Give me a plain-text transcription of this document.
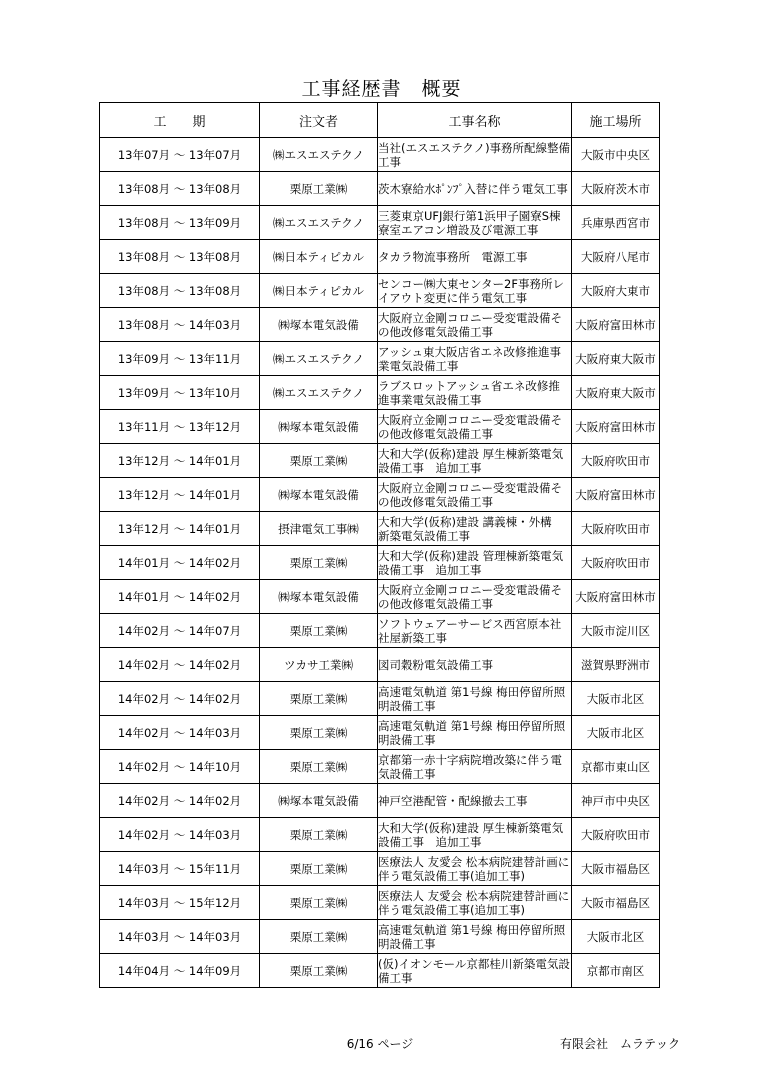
工事経歴書　概要
工　　期	注文者	工事名称	施工場所
13年07月 〜 13年07月	㈱エスエステクノ	当社(エスエステクノ)事務所配線整備工事	大阪市中央区
13年08月 〜 13年08月	栗原工業㈱	茨木寮給水ﾎﾟﾝﾌﾟ入替に伴う電気工事	大阪府茨木市
13年08月 〜 13年09月	㈱エスエステクノ	三菱東京UFJ銀行第1浜甲子園寮S棟寮室エアコン増設及び電源工事	兵庫県西宮市
13年08月 〜 13年08月	㈱日本ティピカル	タカラ物流事務所　電源工事	大阪府八尾市
13年08月 〜 13年08月	㈱日本ティピカル	センコー㈱大東センター2F事務所レイアウト変更に伴う電気工事	大阪府大東市
13年08月 〜 14年03月	㈱塚本電気設備	大阪府立金剛コロニー受変電設備その他改修電気設備工事	大阪府富田林市
13年09月 〜 13年11月	㈱エスエステクノ	アッシュ東大阪店省エネ改修推進事業電気設備工事	大阪府東大阪市
13年09月 〜 13年10月	㈱エスエステクノ	ラブスロットアッシュ省エネ改修推進事業電気設備工事	大阪府東大阪市
13年11月 〜 13年12月	㈱塚本電気設備	大阪府立金剛コロニー受変電設備その他改修電気設備工事	大阪府富田林市
13年12月 〜 14年01月	栗原工業㈱	大和大学(仮称)建設 厚生棟新築電気設備工事　追加工事	大阪府吹田市
13年12月 〜 14年01月	㈱塚本電気設備	大阪府立金剛コロニー受変電設備その他改修電気設備工事	大阪府富田林市
13年12月 〜 14年01月	摂津電気工事㈱	大和大学(仮称)建設 講義棟・外構　新築電気設備工事	大阪府吹田市
14年01月 〜 14年02月	栗原工業㈱	大和大学(仮称)建設 管理棟新築電気設備工事　追加工事	大阪府吹田市
14年01月 〜 14年02月	㈱塚本電気設備	大阪府立金剛コロニー受変電設備その他改修電気設備工事	大阪府富田林市
14年02月 〜 14年07月	栗原工業㈱	ソフトウェアーサービス西宮原本社社屋新築工事	大阪市淀川区
14年02月 〜 14年02月	ツカサ工業㈱	図司穀粉電気設備工事	滋賀県野洲市
14年02月 〜 14年02月	栗原工業㈱	高速電気軌道 第1号線 梅田停留所照明設備工事	大阪市北区
14年02月 〜 14年03月	栗原工業㈱	高速電気軌道 第1号線 梅田停留所照明設備工事	大阪市北区
14年02月 〜 14年10月	栗原工業㈱	京都第一赤十字病院増改築に伴う電気設備工事	京都市東山区
14年02月 〜 14年02月	㈱塚本電気設備	神戸空港配管・配線撤去工事	神戸市中央区
14年02月 〜 14年03月	栗原工業㈱	大和大学(仮称)建設 厚生棟新築電気設備工事　追加工事	大阪府吹田市
14年03月 〜 15年11月	栗原工業㈱	医療法人 友愛会 松本病院建替計画に伴う電気設備工事(追加工事)	大阪市福島区
14年03月 〜 15年12月	栗原工業㈱	医療法人 友愛会 松本病院建替計画に伴う電気設備工事(追加工事)	大阪市福島区
14年03月 〜 14年03月	栗原工業㈱	高速電気軌道 第1号線 梅田停留所照明設備工事	大阪市北区
14年04月 〜 14年09月	栗原工業㈱	(仮)イオンモール京都桂川新築電気設備工事	京都市南区
6/16 ページ	有限会社　ムラテック
